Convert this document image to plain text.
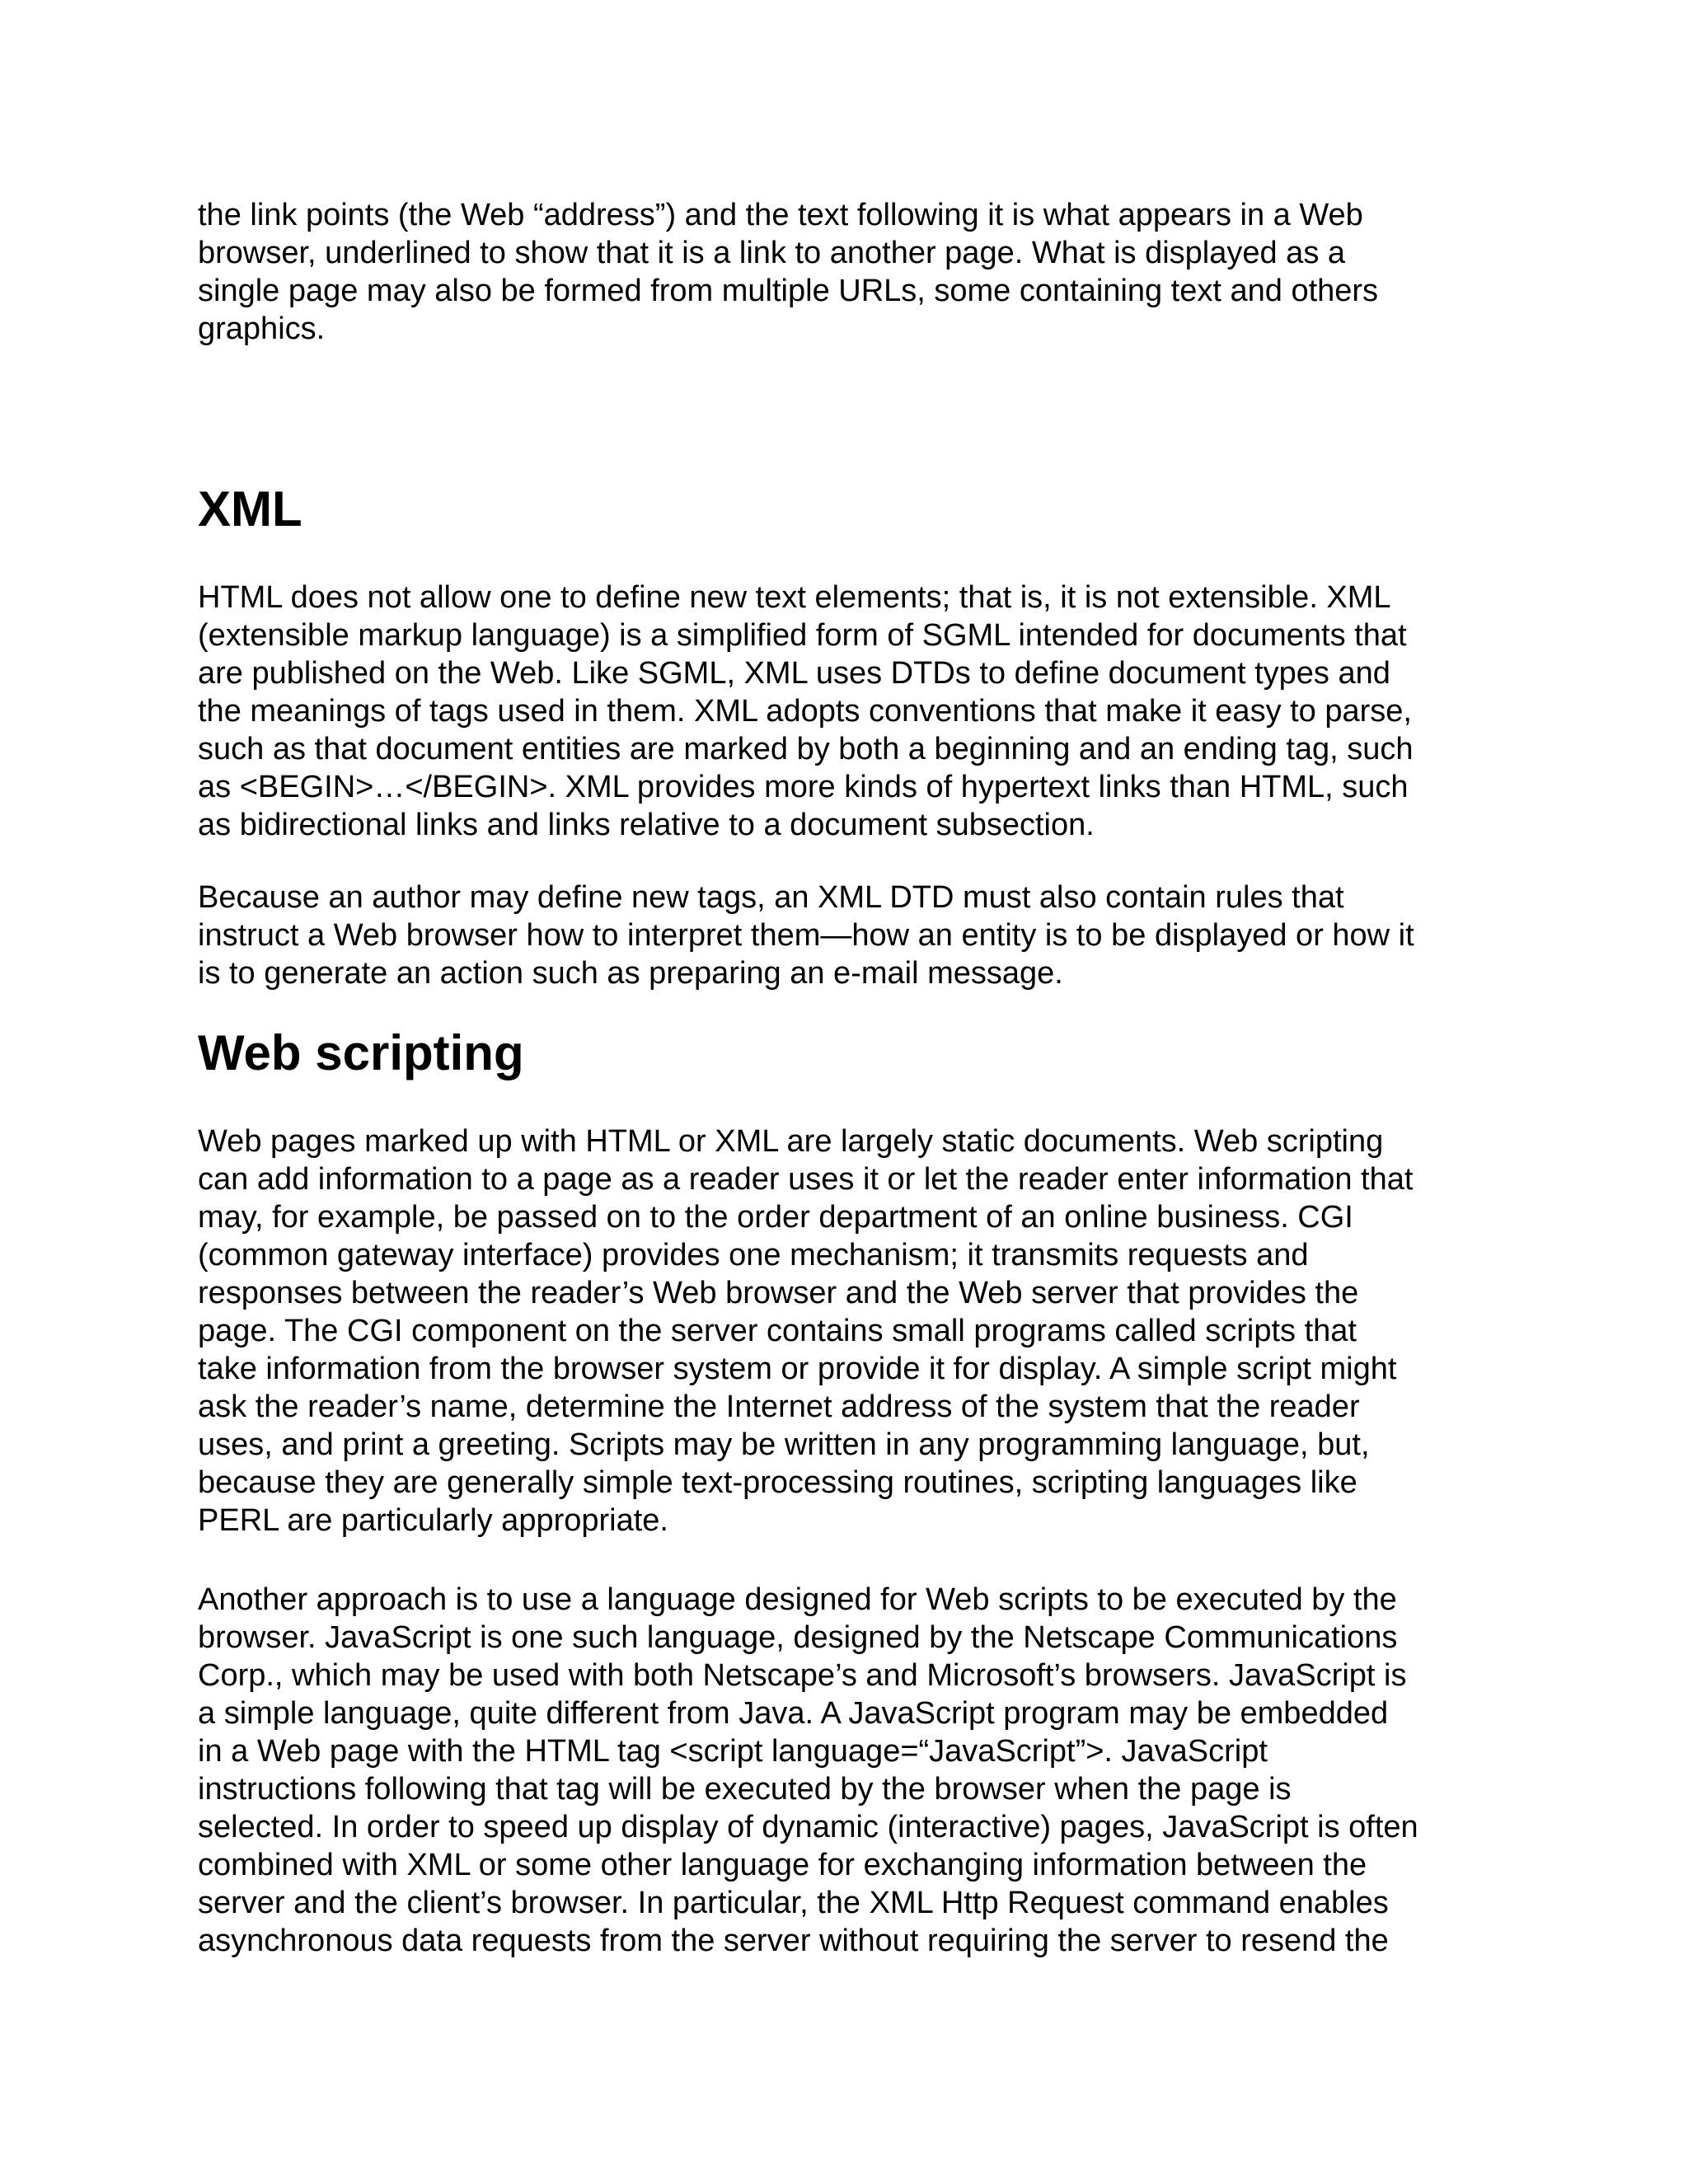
the link points (the Web “address”) and the text following it is what appears in a Web
browser, underlined to show that it is a link to another page. What is displayed as a
single page may also be formed from multiple URLs, some containing text and others
graphics.

XML

HTML does not allow one to define new text elements; that is, it is not extensible. XML
(extensible markup language) is a simplified form of SGML intended for documents that
are published on the Web. Like SGML, XML uses DTDs to define document types and
the meanings of tags used in them. XML adopts conventions that make it easy to parse,
such as that document entities are marked by both a beginning and an ending tag, such
as <BEGIN>…</BEGIN>. XML provides more kinds of hypertext links than HTML, such
as bidirectional links and links relative to a document subsection.

Because an author may define new tags, an XML DTD must also contain rules that
instruct a Web browser how to interpret them—how an entity is to be displayed or how it
is to generate an action such as preparing an e-mail message.

Web scripting

Web pages marked up with HTML or XML are largely static documents. Web scripting
can add information to a page as a reader uses it or let the reader enter information that
may, for example, be passed on to the order department of an online business. CGI
(common gateway interface) provides one mechanism; it transmits requests and
responses between the reader’s Web browser and the Web server that provides the
page. The CGI component on the server contains small programs called scripts that
take information from the browser system or provide it for display. A simple script might
ask the reader’s name, determine the Internet address of the system that the reader
uses, and print a greeting. Scripts may be written in any programming language, but,
because they are generally simple text-processing routines, scripting languages like
PERL are particularly appropriate.

Another approach is to use a language designed for Web scripts to be executed by the
browser. JavaScript is one such language, designed by the Netscape Communications
Corp., which may be used with both Netscape’s and Microsoft’s browsers. JavaScript is
a simple language, quite different from Java. A JavaScript program may be embedded
in a Web page with the HTML tag <script language=“JavaScript”>. JavaScript
instructions following that tag will be executed by the browser when the page is
selected. In order to speed up display of dynamic (interactive) pages, JavaScript is often
combined with XML or some other language for exchanging information between the
server and the client’s browser. In particular, the XML Http Request command enables
asynchronous data requests from the server without requiring the server to resend the
